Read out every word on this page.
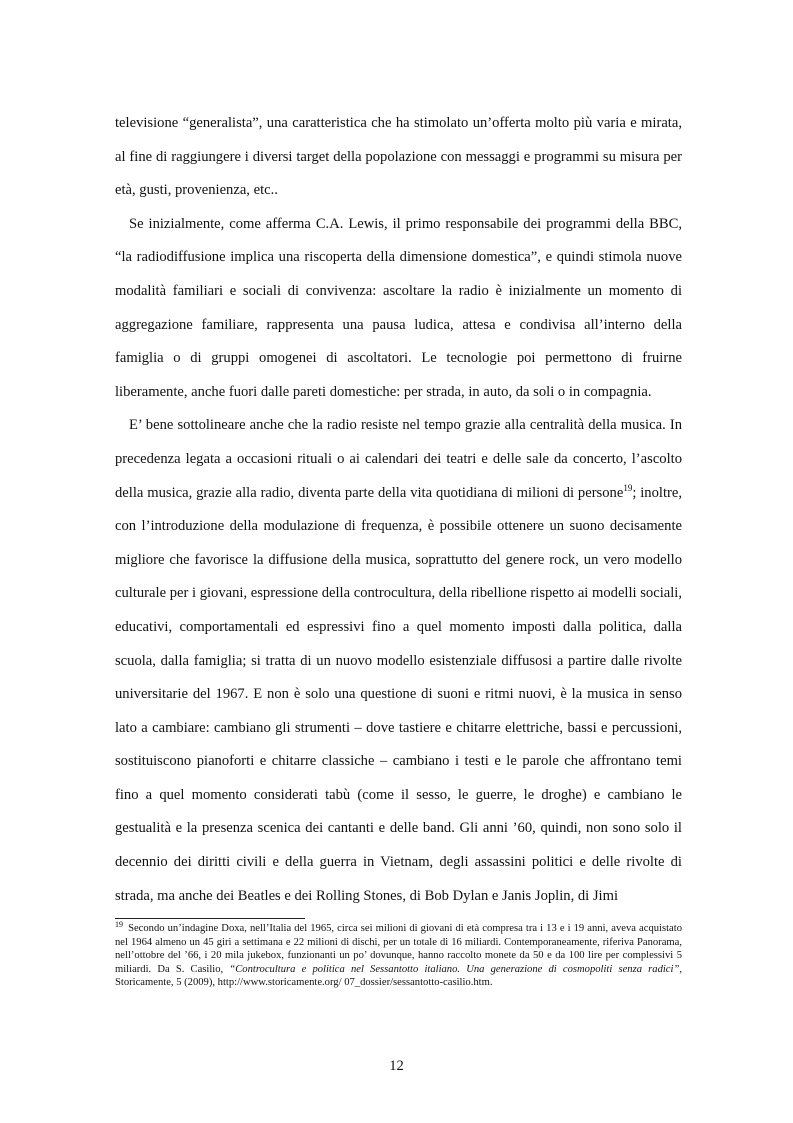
televisione “generalista”, una caratteristica che ha stimolato un’offerta molto più varia e mirata, al fine di raggiungere i diversi target della popolazione con messaggi e programmi su misura per età, gusti, provenienza, etc..

Se inizialmente, come afferma C.A. Lewis, il primo responsabile dei programmi della BBC, “la radiodiffusione implica una riscoperta della dimensione domestica”, e quindi stimola nuove modalità familiari e sociali di convivenza: ascoltare la radio è inizialmente un momento di aggregazione familiare, rappresenta una pausa ludica, attesa e condivisa all’interno della famiglia o di gruppi omogenei di ascoltatori. Le tecnologie poi permettono di fruirne liberamente, anche fuori dalle pareti domestiche: per strada, in auto, da soli o in compagnia.

E’ bene sottolineare anche che la radio resiste nel tempo grazie alla centralità della musica. In precedenza legata a occasioni rituali o ai calendari dei teatri e delle sale da concerto, l’ascolto della musica, grazie alla radio, diventa parte della vita quotidiana di milioni di persone$^{19}$; inoltre, con l’introduzione della modulazione di frequenza, è possibile ottenere un suono decisamente migliore che favorisce la diffusione della musica, soprattutto del genere rock, un vero modello culturale per i giovani, espressione della controcultura, della ribellione rispetto ai modelli sociali, educativi, comportamentali ed espressivi fino a quel momento imposti dalla politica, dalla scuola, dalla famiglia; si tratta di un nuovo modello esistenziale diffusosi a partire dalle rivolte universitarie del 1967. E non è solo una questione di suoni e ritmi nuovi, è la musica in senso lato a cambiare: cambiano gli strumenti – dove tastiere e chitarre elettriche, bassi e percussioni, sostituiscono pianoforti e chitarre classiche – cambiano i testi e le parole che affrontano temi fino a quel momento considerati tabù (come il sesso, le guerre, le droghe) e cambiano le gestualità e la presenza scenica dei cantanti e delle band. Gli anni ’60, quindi, non sono solo il decennio dei diritti civili e della guerra in Vietnam, degli assassini politici e delle rivolte di strada, ma anche dei Beatles e dei Rolling Stones, di Bob Dylan e Janis Joplin, di Jimi

$^{19}$ Secondo un’indagine Doxa, nell’Italia del 1965, circa sei milioni di giovani di età compresa tra i 13 e i 19 anni, aveva acquistato nel 1964 almeno un 45 giri a settimana e 22 milioni di dischi, per un totale di 16 miliardi. Contemporaneamente, riferiva Panorama, nell’ottobre del ’66, i 20 mila jukebox, funzionanti un po’ dovunque, hanno raccolto monete da 50 e da 100 lire per complessivi 5 miliardi. Da S. Casilio, “Controcultura e politica nel Sessantotto italiano. Una generazione di cosmopoliti senza radici”, Storicamente, 5 (2009), http://www.storicamente.org/ 07_dossier/sessantotto-casilio.htm.

12
